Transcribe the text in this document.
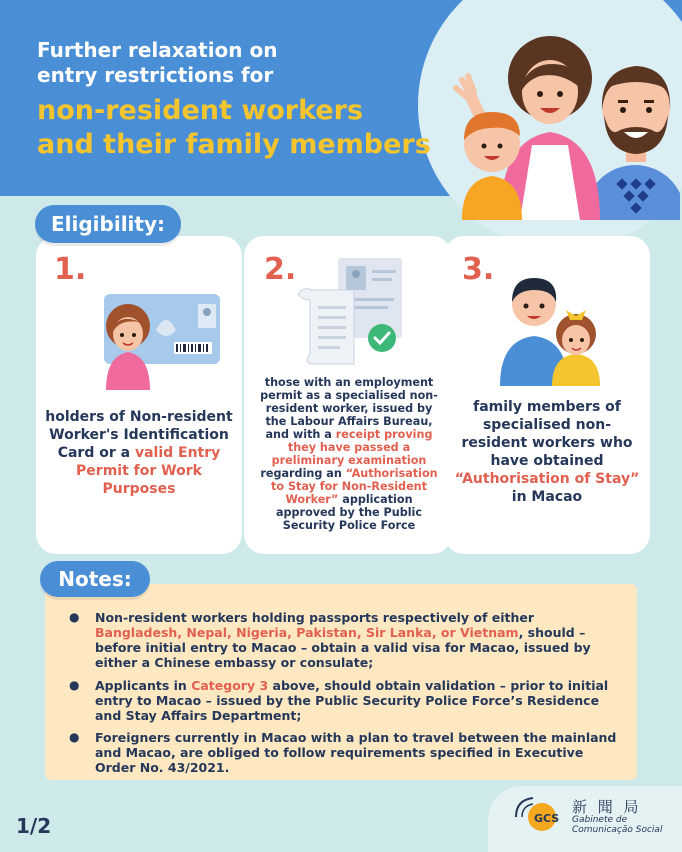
Further relaxation on
entry restrictions for
non-resident workers
and their family members
1.
holders of Non-resident Worker's Identification Card or a valid Entry Permit for Work Purposes
2.
those with an employment permit as a specialised non-resident worker, issued by the Labour Affairs Bureau, and with a receipt proving they have passed a preliminary examination regarding an “Authorisation to Stay for Non-Resident Worker” application approved by the Public Security Police Force
3.
family members of specialised non-resident workers who have obtained “Authorisation of Stay” in Macao
Eligibility:
● Non-resident workers holding passports respectively of either Bangladesh, Nepal, Nigeria, Pakistan, Sir Lanka, or Vietnam, should – before initial entry to Macao – obtain a valid visa for Macao, issued by either a Chinese embassy or consulate;
● Applicants in Category 3 above, should obtain validation – prior to initial entry to Macao – issued by the Public Security Police Force’s Residence and Stay Affairs Department;
● Foreigners currently in Macao with a plan to travel between the mainland and Macao, are obliged to follow requirements specified in Executive Order No. 43/2021.
Notes:
1/2	GCS
新 聞 局
Gabinete de
Comunicação Social
